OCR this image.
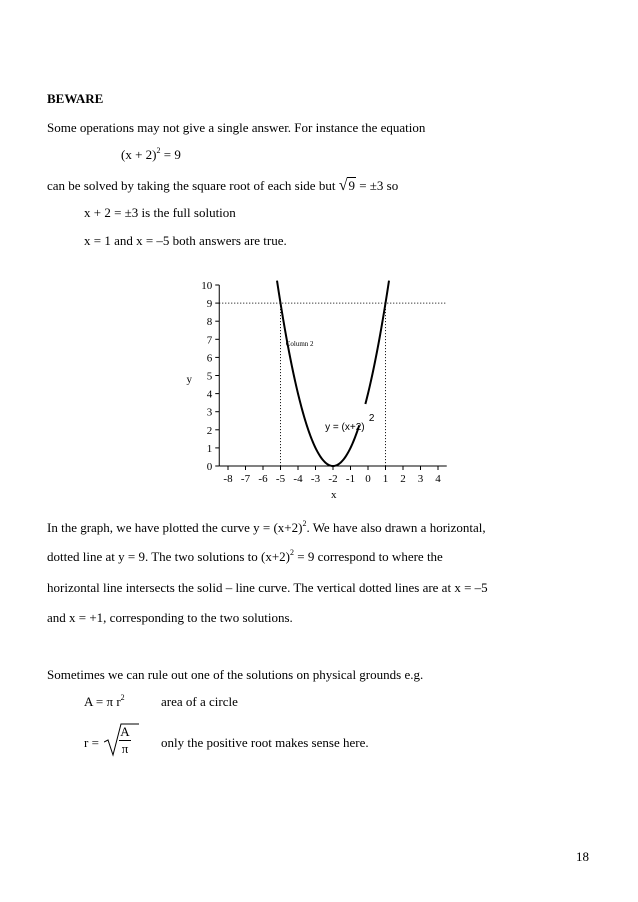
BEWARE
Some operations may not give a single answer. For instance the equation
$(x + 2)^2 = 9$
can be solved by taking the square root of each side but √9 = ±3 so
x + 2 = ±3 is the full solution
x = 1 and x = –5 both answers are true.
0
1
2
3
4
5
6
7
8
9
10
-8 -7 -6 -5 -4 -3 -2 -1 0 1 2 3 4
x
y
Column 2
y = (x+2)
2
In the graph, we have plotted the curve $y = (x+2)^2$. We have also drawn a horizontal,
dotted line at y = 9. The two solutions to $(x+2)^2 = 9$ correspond to where the
horizontal line intersects the solid – line curve. The vertical dotted lines are at x = –5
and x = +1, corresponding to the two solutions.
Sometimes we can rule out one of the solutions on physical grounds e.g.
A = π $r^2$	area of a circle
r =
A
π	only the positive root makes sense here.
18
